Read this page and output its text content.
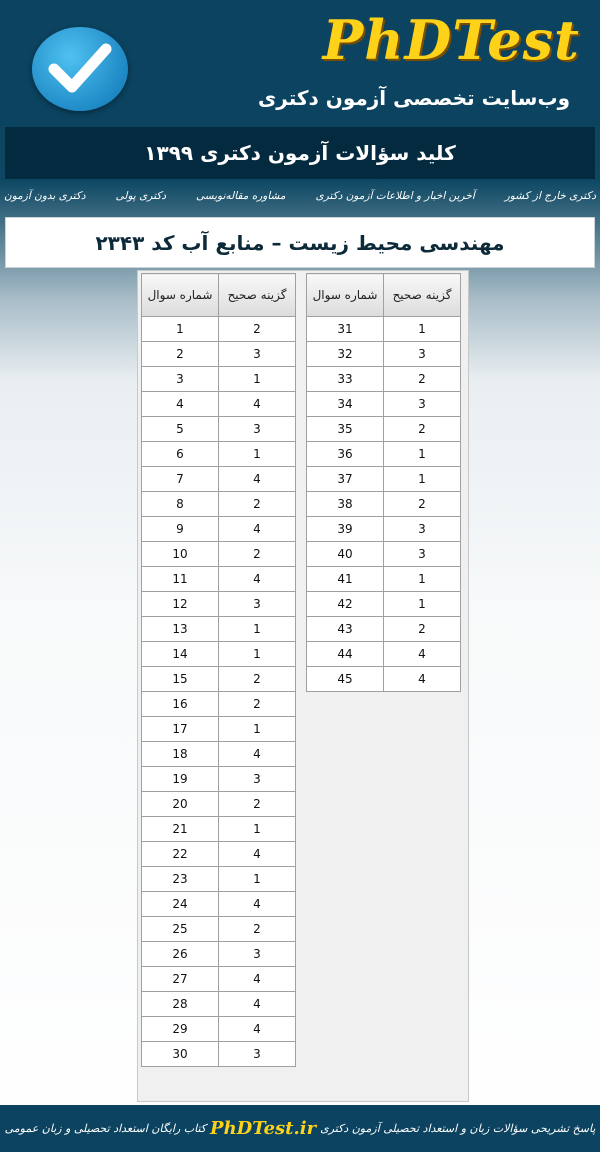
PhDTest
وب‌سایت تخصصی آزمون دکتری
کلید سؤالات آزمون دکتری ۱۳۹۹
دکتری بدون آزمون	دکتری پولی	مشاوره مقاله‌نویسی	آخرین اخبار و اطلاعات آزمون دکتری	دکتری خارج از کشور
مهندسی محیط زیست – منابع آب کد ۲۳۴۳
شماره سوال	گزینه صحیح
1	2
2	3
3	1
4	4
5	3
6	1
7	4
8	2
9	4
10	2
11	4
12	3
13	1
14	1
15	2
16	2
17	1
18	4
19	3
20	2
21	1
22	4
23	1
24	4
25	2
26	3
27	4
28	4
29	4
30	3
شماره سوال	گزینه صحیح
31	1
32	3
33	2
34	3
35	2
36	1
37	1
38	2
39	3
40	3
41	1
42	1
43	2
44	4
45	4
پاسخ تشریحی سؤالات زبان و استعداد تحصیلی آزمون دکتری
PhDTest.ir
کتاب رایگان استعداد تحصیلی و زبان عمومی
